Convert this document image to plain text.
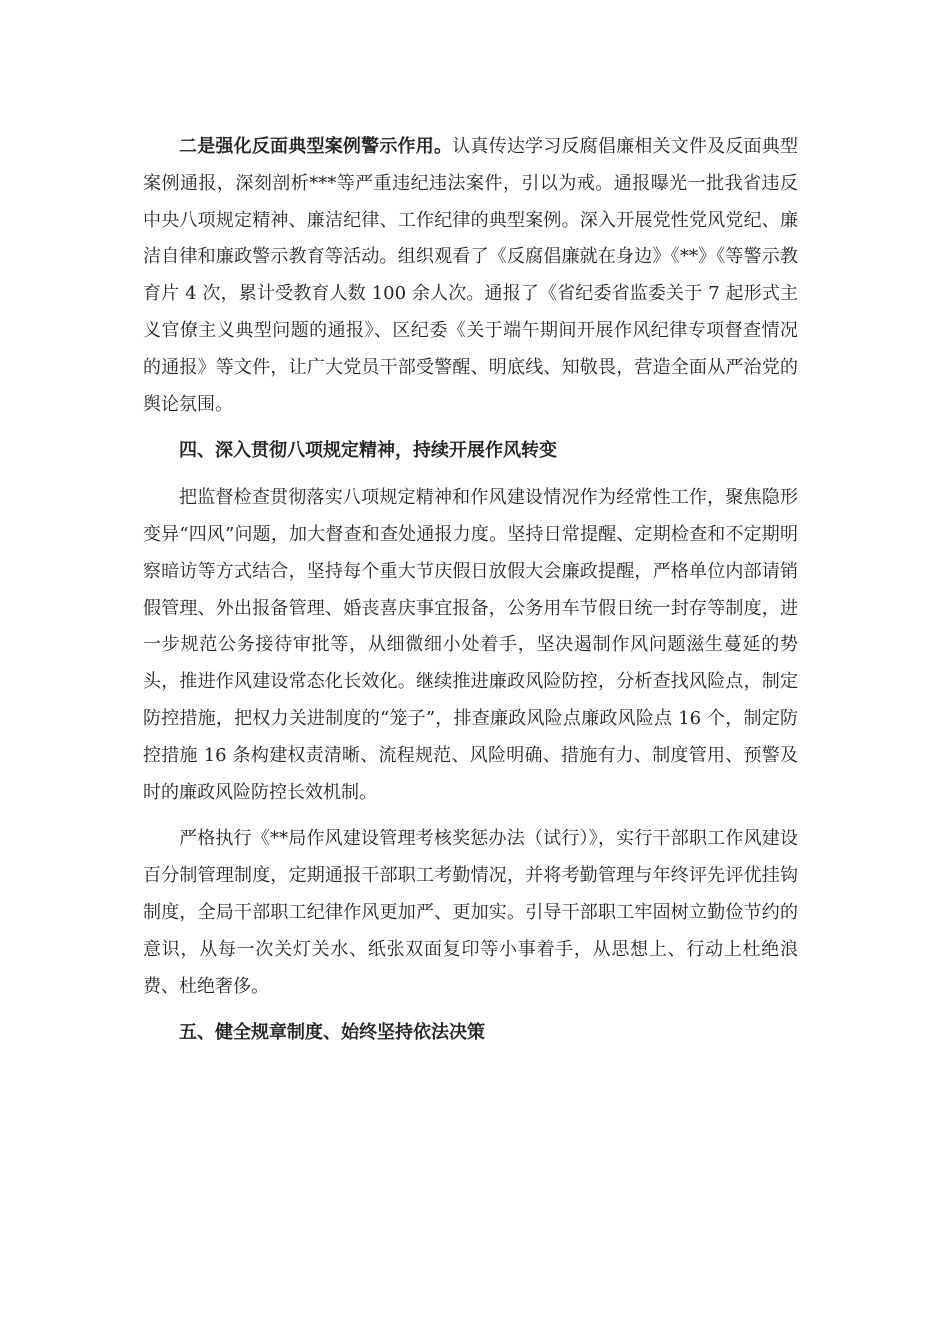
二是强化反面典型案例警示作用。认真传达学习反腐倡廉相关文件及反面典型案例通报，深刻剖析***等严重违纪违法案件，引以为戒。通报曝光一批我省违反中央八项规定精神、廉洁纪律、工作纪律的典型案例。深入开展党性党风党纪、廉洁自律和廉政警示教育等活动。组织观看了《反腐倡廉就在身边》《**》《等警示教育片 4 次，累计受教育人数 100 余人次。通报了《省纪委省监委关于 7 起形式主义官僚主义典型问题的通报》、区纪委《关于端午期间开展作风纪律专项督查情况的通报》等文件，让广大党员干部受警醒、明底线、知敬畏，营造全面从严治党的舆论氛围。

四、深入贯彻八项规定精神，持续开展作风转变

把监督检查贯彻落实八项规定精神和作风建设情况作为经常性工作，聚焦隐形变异“四风”问题，加大督查和查处通报力度。坚持日常提醒、定期检查和不定期明察暗访等方式结合，坚持每个重大节庆假日放假大会廉政提醒，严格单位内部请销假管理、外出报备管理、婚丧喜庆事宜报备，公务用车节假日统一封存等制度，进一步规范公务接待审批等，从细微细小处着手，坚决遏制作风问题滋生蔓延的势头，推进作风建设常态化长效化。继续推进廉政风险防控，分析查找风险点，制定防控措施，把权力关进制度的“笼子”，排查廉政风险点廉政风险点 16 个，制定防控措施 16 条构建权责清晰、流程规范、风险明确、措施有力、制度管用、预警及时的廉政风险防控长效机制。

严格执行《**局作风建设管理考核奖惩办法（试行）》，实行干部职工作风建设百分制管理制度，定期通报干部职工考勤情况，并将考勤管理与年终评先评优挂钩制度，全局干部职工纪律作风更加严、更加实。引导干部职工牢固树立勤俭节约的意识，从每一次关灯关水、纸张双面复印等小事着手，从思想上、行动上杜绝浪费、杜绝奢侈。

五、健全规章制度、始终坚持依法决策
